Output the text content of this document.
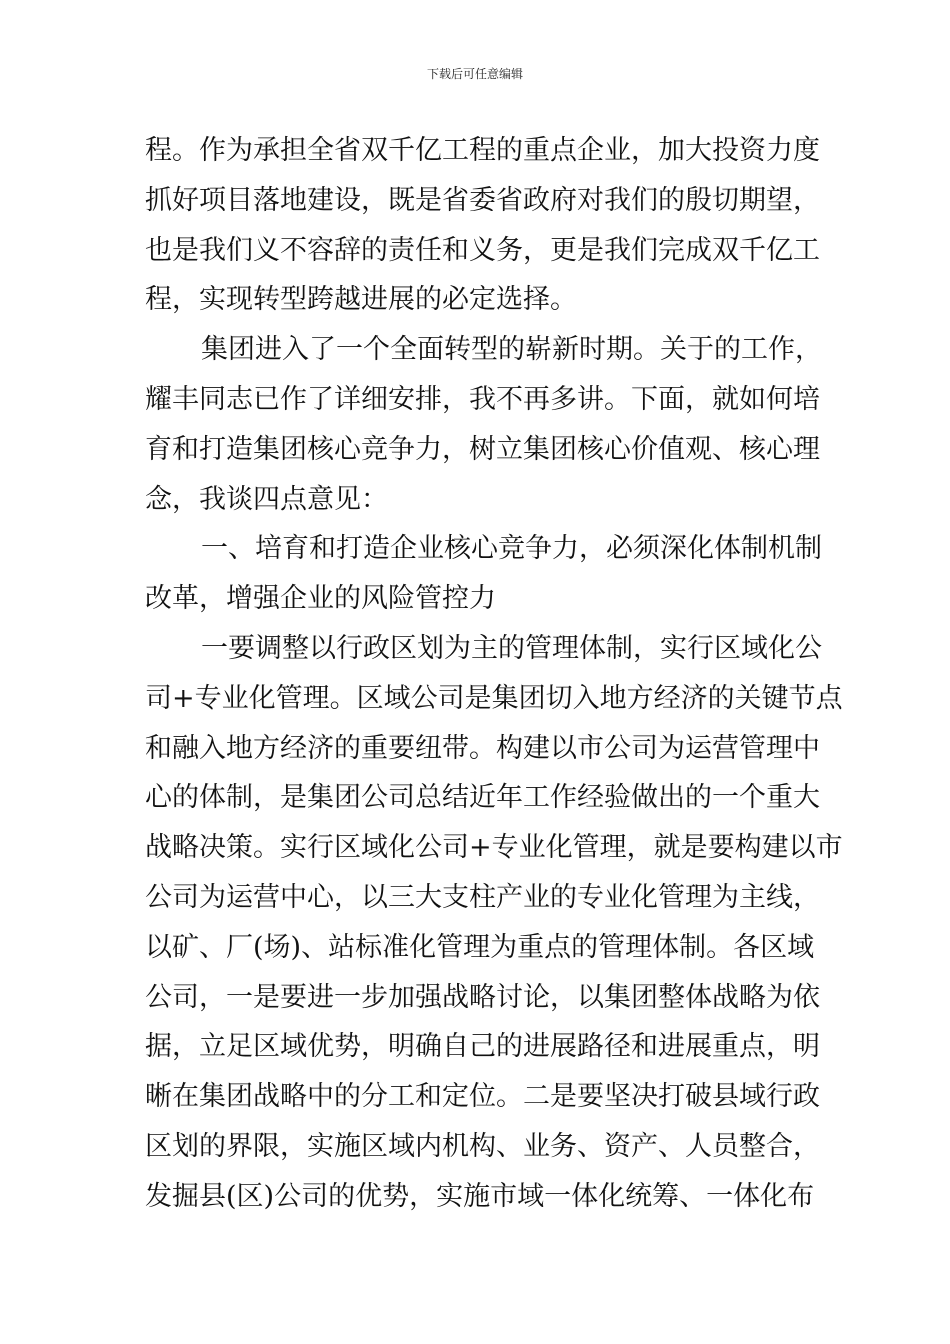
下载后可任意编辑
程。作为承担全省双千亿工程的重点企业，加大投资力度
抓好项目落地建设，既是省委省政府对我们的殷切期望，
也是我们义不容辞的责任和义务，更是我们完成双千亿工
程，实现转型跨越进展的必定选择。
集团进入了一个全面转型的崭新时期。关于的工作，
耀丰同志已作了详细安排，我不再多讲。下面，就如何培
育和打造集团核心竞争力，树立集团核心价值观、核心理
念，我谈四点意见：
一、培育和打造企业核心竞争力，必须深化体制机制
改革，增强企业的风险管控力
一要调整以行政区划为主的管理体制，实行区域化公
司+专业化管理。区域公司是集团切入地方经济的关键节点
和融入地方经济的重要纽带。构建以市公司为运营管理中
心的体制，是集团公司总结近年工作经验做出的一个重大
战略决策。实行区域化公司+专业化管理，就是要构建以市
公司为运营中心，以三大支柱产业的专业化管理为主线，
以矿、厂(场)、站标准化管理为重点的管理体制。各区域
公司，一是要进一步加强战略讨论，以集团整体战略为依
据，立足区域优势，明确自己的进展路径和进展重点，明
晰在集团战略中的分工和定位。二是要坚决打破县域行政
区划的界限，实施区域内机构、业务、资产、人员整合，
发掘县(区)公司的优势，实施市域一体化统筹、一体化布
